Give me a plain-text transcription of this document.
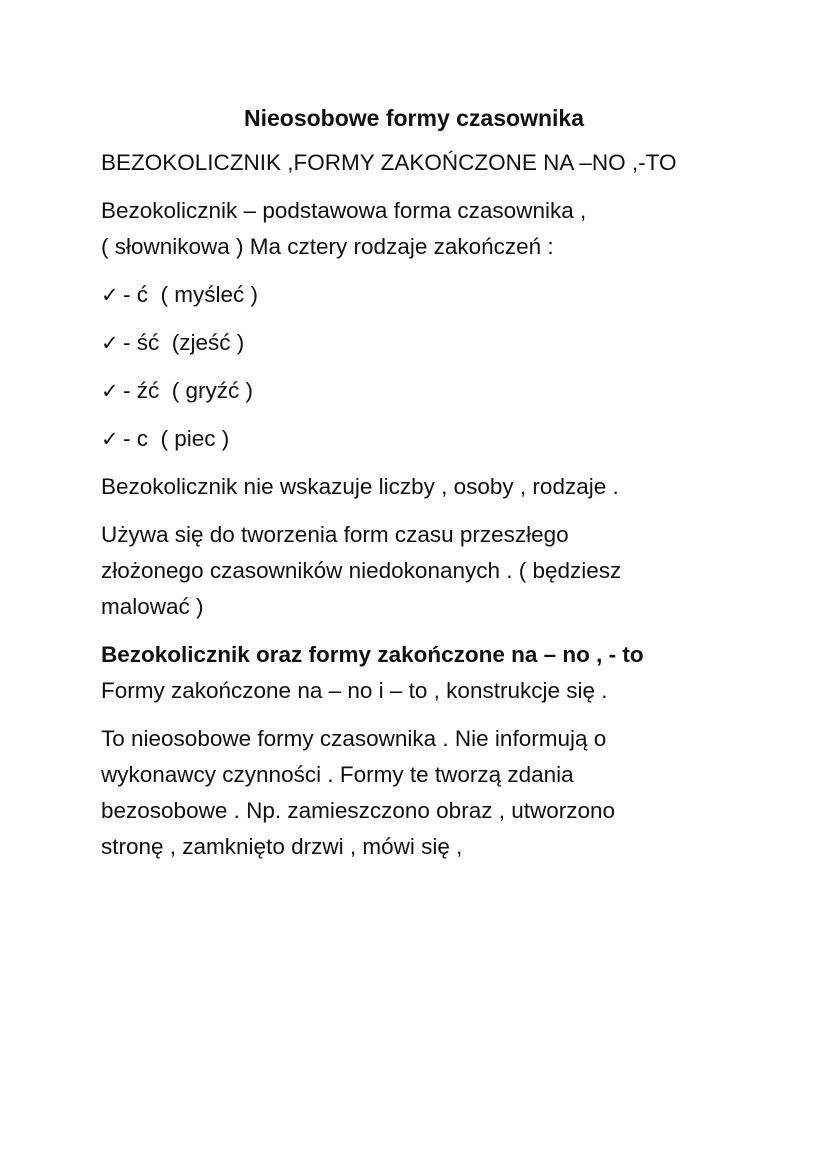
Nieosobowe formy czasownika

BEZOKOLICZNIK ,FORMY ZAKOŃCZONE NA –NO ,-TO

Bezokolicznik – podstawowa forma czasownika ,
( słownikowa ) Ma cztery rodzaje zakończeń :

✓ - ć  ( myśleć )
✓ - ść  (zjeść )
✓ - źć  ( gryźć )
✓ - c  ( piec )

Bezokolicznik nie wskazuje liczby , osoby , rodzaje .

Używa się do tworzenia form czasu przeszłego
złożonego czasowników niedokonanych . ( będziesz
malować )

Bezokolicznik oraz formy zakończone na – no , - to

Formy zakończone na – no i – to , konstrukcje się .

To nieosobowe formy czasownika . Nie informują o
wykonawcy czynności . Formy te tworzą zdania
bezosobowe . Np. zamieszczono obraz , utworzono
stronę , zamknięto drzwi , mówi się ,
